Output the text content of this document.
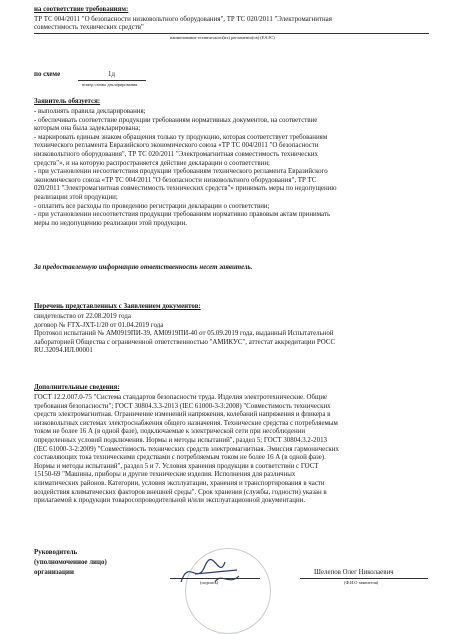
на соответствие требованиям:
ТР ТС 004/2011 "О безопасности низковольтного оборудования", ТР ТС 020/2011 "Электромагнитная
совместимость технических средств"
наименование технического(их) регламента(ов) (ЕАЭС)
по схеме	1д
номер схемы декларирования
Заявитель обязуется:
- выполнять правила декларирования;
- обеспечивать соответствие продукции требованиям нормативных документов, на соответствие
которым она была задекларирована;
- маркировать единым знаком обращения только ту продукцию, которая соответствует требованиям
технического регламента Евразийского экономического союза «ТР ТС 004/2011 "О безопасности
низковольтного оборудования", ТР ТС 020/2011 "Электромагнитная совместимость технических
средств"», и на которую распространяется действие декларации о соответствии;
- при установлении несоответствия продукции требованиям технического регламента Евразийского
экономического союза «ТР ТС 004/2011 "О безопасности низковольтного оборудования", ТР ТС
020/2011 "Электромагнитная совместимость технических средств"» принимать меры по недопущению
реализации этой продукции;
- оплатить все расходы по проведению регистрации декларации о соответствии;
- при установлении несоответствия продукции требованиям нормативно правовым актам принимать
меры по недопущению реализации этой продукции.
За предоставленную информацию ответственность несет заявитель.
Перечень представленных с Заявлением документов:
свидетельство от 22.08.2019 года
договор № FTX-JXT-1/20 от 01.04.2019 года
Протокол испытаний № АМ0919ПИ-39, АМ0919ПИ-40 от 05.09.2019 года, выданный Испытательной
лабораторией Общества с ограниченной ответственностью "АМИКУС", аттестат аккредитации РОСС
RU.32094.ИЛ.00001
Дополнительные сведения:
ГОСТ 12.2.007.0-75 "Система стандартов безопасности труда. Изделия электротехнические. Общие
требования безопасности"; ГОСТ 30804.3.3-2013 (IEC 61000-3-3:2008) "Совместимость технических
средств электромагнитная. Ограничение изменений напряжения, колебаний напряжения и фликера в
низковольтных системах электроснабжения общего назначения. Технические средства с потребляемым
током не более 16 А (в одной фазе), подключаемые к электрической сети при несоблюдении
определенных условий подключения. Нормы и методы испытаний", раздел 5; ГОСТ 30804.3.2-2013
(IEC 61000-3-2:2009) "Совместимость технических средств электромагнитная. Эмиссия гармонических
составляющих тока техническими средствами с потребляемым током не более 16 А (в одной фазе).
Нормы и методы испытаний", раздел 5 и 7. Условия хранения продукции в соответствии с ГОСТ
15150-69 "Машины, приборы и другие технические изделия. Исполнения для различных
климатических районов. Категории, условия эксплуатации, хранения и транспортирования в части
воздействия климатических факторов внешней среды". Срок хранения (службы, годности) указан в
прилагаемой к продукции товаросопроводительной и/или эксплуатационной документации.
Руководитель
(уполномоченное лицо)
организации
(подпись)
Шелепов Олег Николаевич
(Ф.И.О заявителя)
